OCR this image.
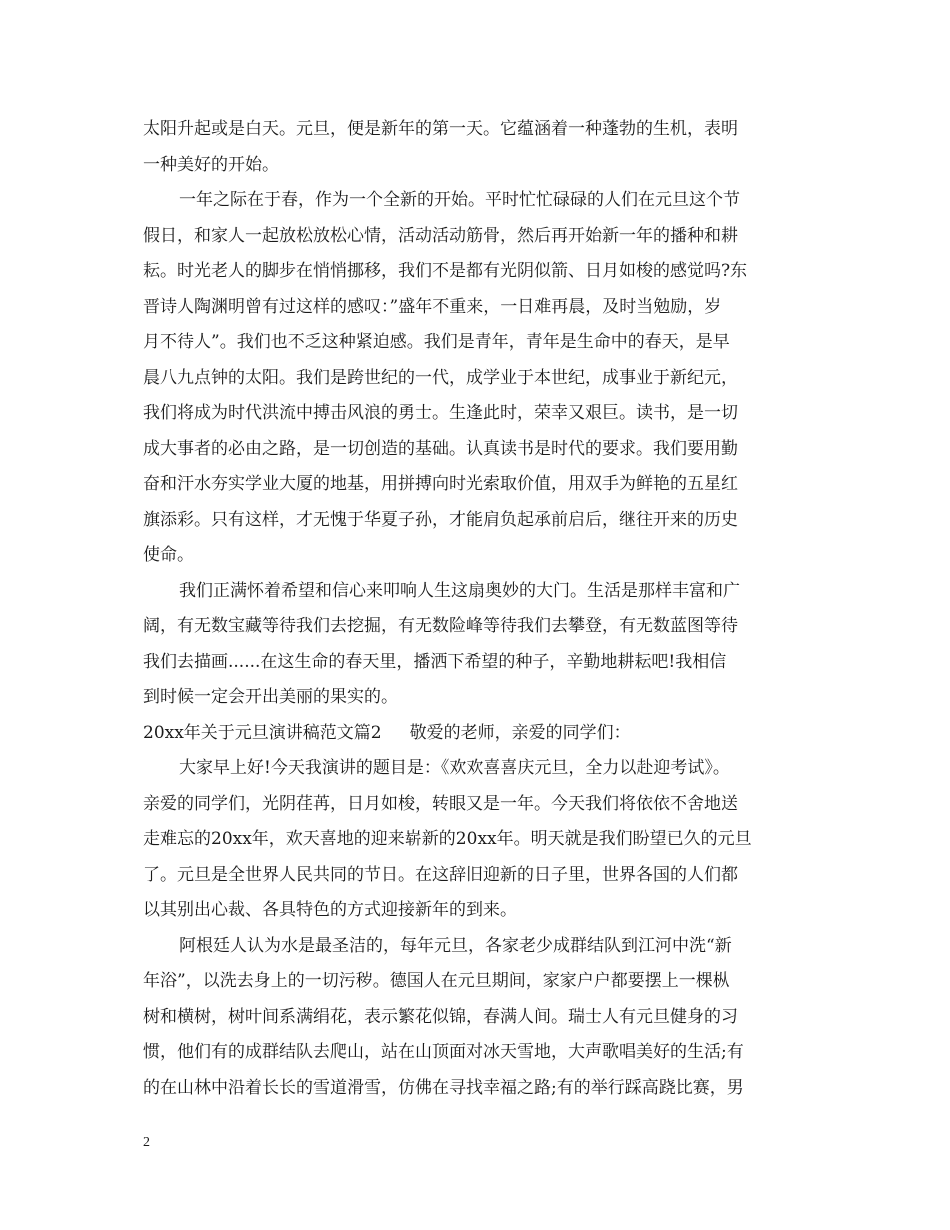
太阳升起或是白天。元旦，便是新年的第一天。它蕴涵着一种蓬勃的生机，表明
一种美好的开始。
一年之际在于春，作为一个全新的开始。平时忙忙碌碌的人们在元旦这个节
假日，和家人一起放松放松心情，活动活动筋骨，然后再开始新一年的播种和耕
耘。时光老人的脚步在悄悄挪移，我们不是都有光阴似箭、日月如梭的感觉吗?东
晋诗人陶渊明曾有过这样的感叹：”盛年不重来，一日难再晨，及时当勉励，岁
月不待人”。我们也不乏这种紧迫感。我们是青年，青年是生命中的春天，是早
晨八九点钟的太阳。我们是跨世纪的一代，成学业于本世纪，成事业于新纪元，
我们将成为时代洪流中搏击风浪的勇士。生逢此时，荣幸又艰巨。读书，是一切
成大事者的必由之路，是一切创造的基础。认真读书是时代的要求。我们要用勤
奋和汗水夯实学业大厦的地基，用拼搏向时光索取价值，用双手为鲜艳的五星红
旗添彩。只有这样，才无愧于华夏子孙，才能肩负起承前启后，继往开来的历史
使命。
我们正满怀着希望和信心来叩响人生这扇奥妙的大门。生活是那样丰富和广
阔，有无数宝藏等待我们去挖掘，有无数险峰等待我们去攀登，有无数蓝图等待
我们去描画......在这生命的春天里，播洒下希望的种子，辛勤地耕耘吧!我相信
到时候一定会开出美丽的果实的。
20xx年关于元旦演讲稿范文篇2 敬爱的老师，亲爱的同学们：
大家早上好!今天我演讲的题目是：《欢欢喜喜庆元旦，全力以赴迎考试》。
亲爱的同学们，光阴荏苒，日月如梭，转眼又是一年。今天我们将依依不舍地送
走难忘的20xx年，欢天喜地的迎来崭新的20xx年。明天就是我们盼望已久的元旦
了。元旦是全世界人民共同的节日。在这辞旧迎新的日子里，世界各国的人们都
以其别出心裁、各具特色的方式迎接新年的到来。
阿根廷人认为水是最圣洁的，每年元旦，各家老少成群结队到江河中洗“新
年浴”，以洗去身上的一切污秽。德国人在元旦期间，家家户户都要摆上一棵枞
树和横树，树叶间系满绢花，表示繁花似锦，春满人间。瑞士人有元旦健身的习
惯，他们有的成群结队去爬山，站在山顶面对冰天雪地，大声歌唱美好的生活;有
的在山林中沿着长长的雪道滑雪，仿佛在寻找幸福之路;有的举行踩高跷比赛，男
2
